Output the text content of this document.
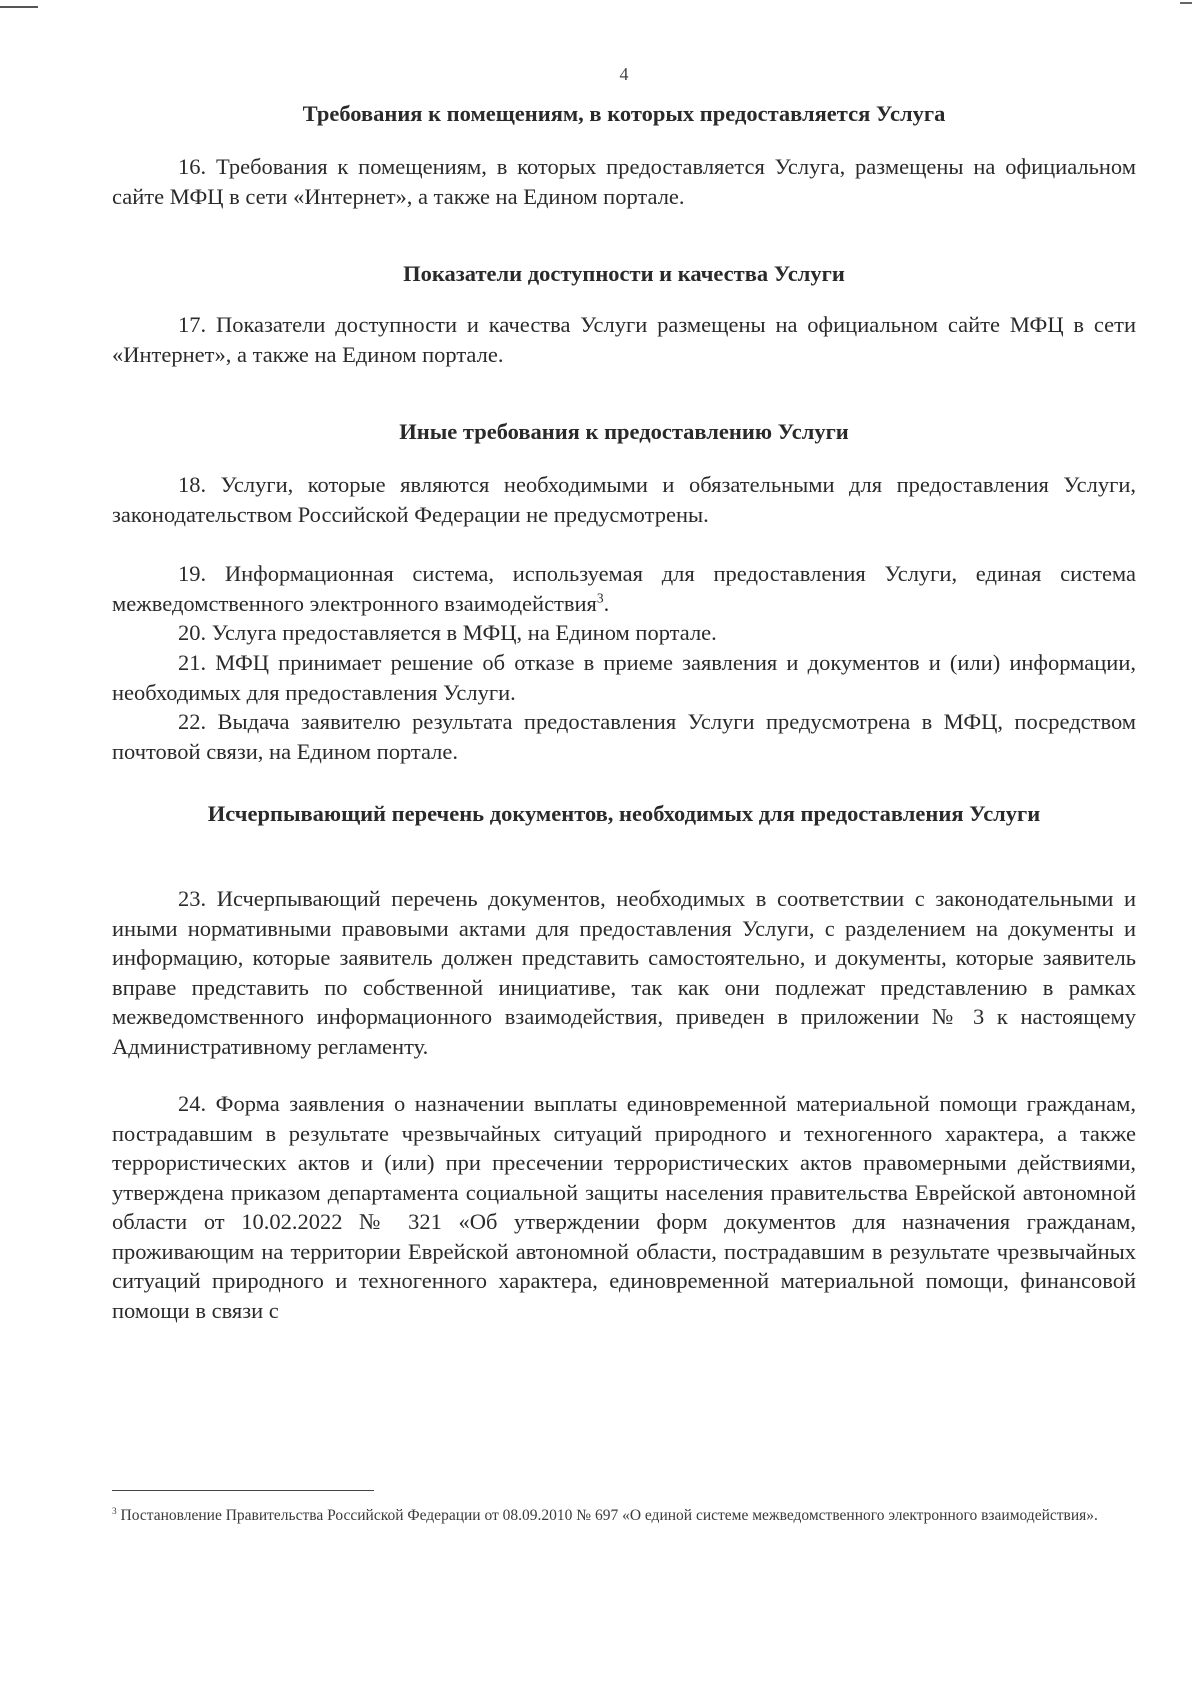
4
Требования к помещениям, в которых предоставляется Услуга

16. Требования к помещениям, в которых предоставляется Услуга, размещены на официальном сайте МФЦ в сети «Интернет», а также на Едином портале.

Показатели доступности и качества Услуги

17. Показатели доступности и качества Услуги размещены на официальном сайте МФЦ в сети «Интернет», а также на Едином портале.

Иные требования к предоставлению Услуги

18. Услуги, которые являются необходимыми и обязательными для предоставления Услуги, законодательством Российской Федерации не предусмотрены.

19. Информационная система, используемая для предоставления Услуги, единая система межведомственного электронного взаимодействия$^3$.

20. Услуга предоставляется в МФЦ, на Едином портале.

21. МФЦ принимает решение об отказе в приеме заявления и документов и (или) информации, необходимых для предоставления Услуги.

22. Выдача заявителю результата предоставления Услуги предусмотрена в МФЦ, посредством почтовой связи, на Едином портале.

Исчерпывающий перечень документов, необходимых для предоставления Услуги

23. Исчерпывающий перечень документов, необходимых в соответствии с законодательными и иными нормативными правовыми актами для предоставления Услуги, с разделением на документы и информацию, которые заявитель должен представить самостоятельно, и документы, которые заявитель вправе представить по собственной инициативе, так как они подлежат представлению в рамках межведомственного информационного взаимодействия, приведен в приложении № 3 к настоящему Административному регламенту.

24. Форма заявления о назначении выплаты единовременной материальной помощи гражданам, пострадавшим в результате чрезвычайных ситуаций природного и техногенного характера, а также террористических актов и (или) при пресечении террористических актов правомерными действиями, утверждена приказом департамента социальной защиты населения правительства Еврейской автономной области от 10.02.2022 № 321 «Об утверждении форм документов для назначения гражданам, проживающим на территории Еврейской автономной области, пострадавшим в результате чрезвычайных ситуаций природного и техногенного характера, единовременной материальной помощи, финансовой помощи в связи с

$^3$ Постановление Правительства Российской Федерации от 08.09.2010 № 697 «О единой системе межведомственного электронного взаимодействия».
